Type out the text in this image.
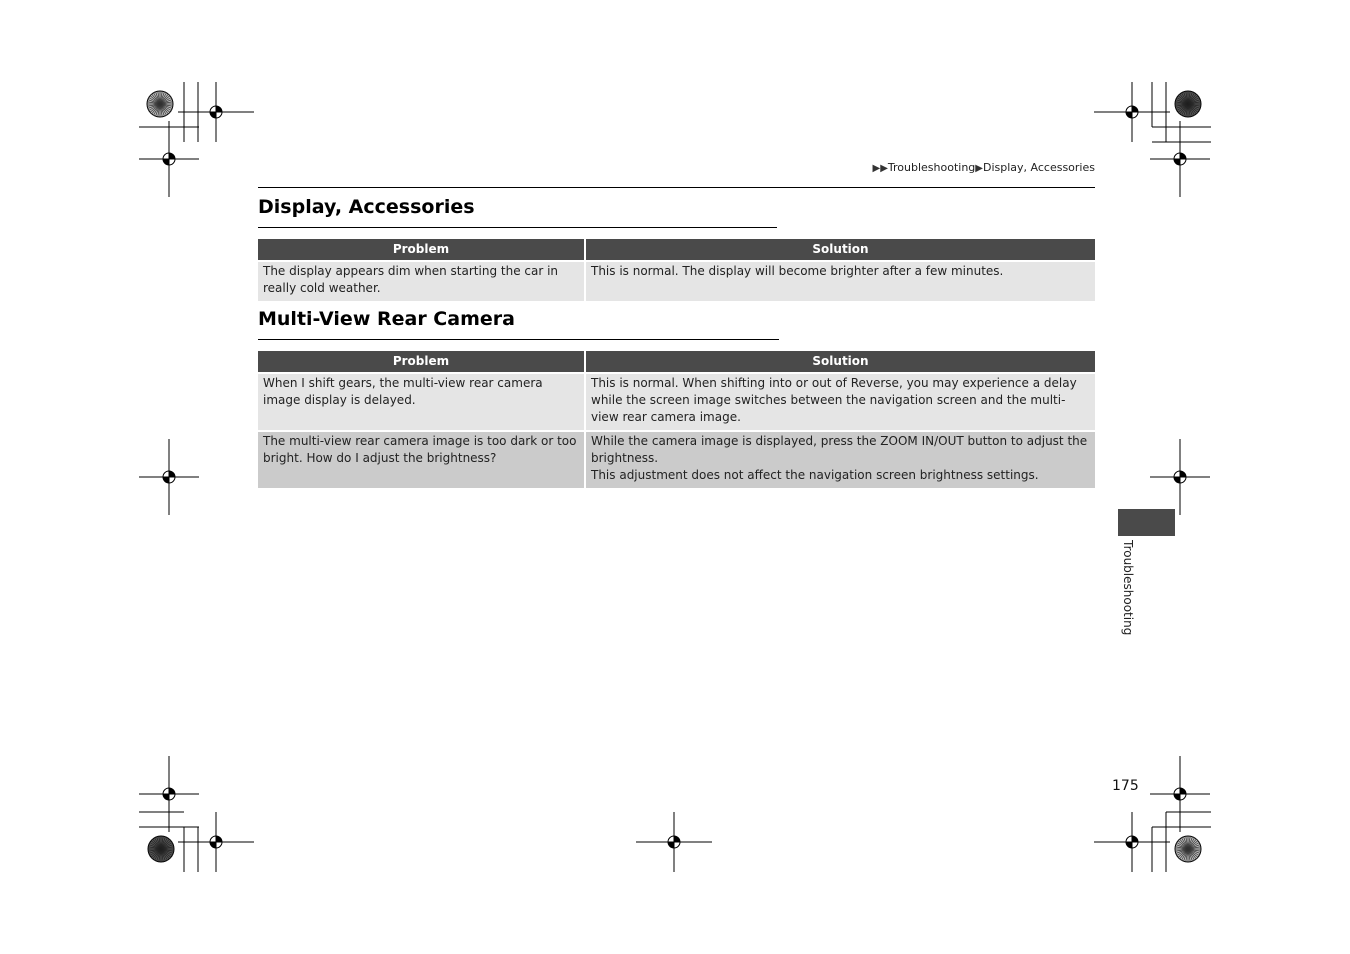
▶▶Troubleshooting▶Display, Accessories
Display, Accessories
Problem	Solution
The display appears dim when starting the car in really cold weather.	This is normal. The display will become brighter after a few minutes.
Multi-View Rear Camera
Problem	Solution
When I shift gears, the multi-view rear camera image display is delayed.	This is normal. When shifting into or out of Reverse, you may experience a delay while the screen image switches between the navigation screen and the multi-view rear camera image.

The multi-view rear camera image is too dark or too bright. How do I adjust the brightness?	While the camera image is displayed, press the ZOOM IN/OUT button to adjust the brightness.
This adjustment does not affect the navigation screen brightness settings.
Troubleshooting
175
